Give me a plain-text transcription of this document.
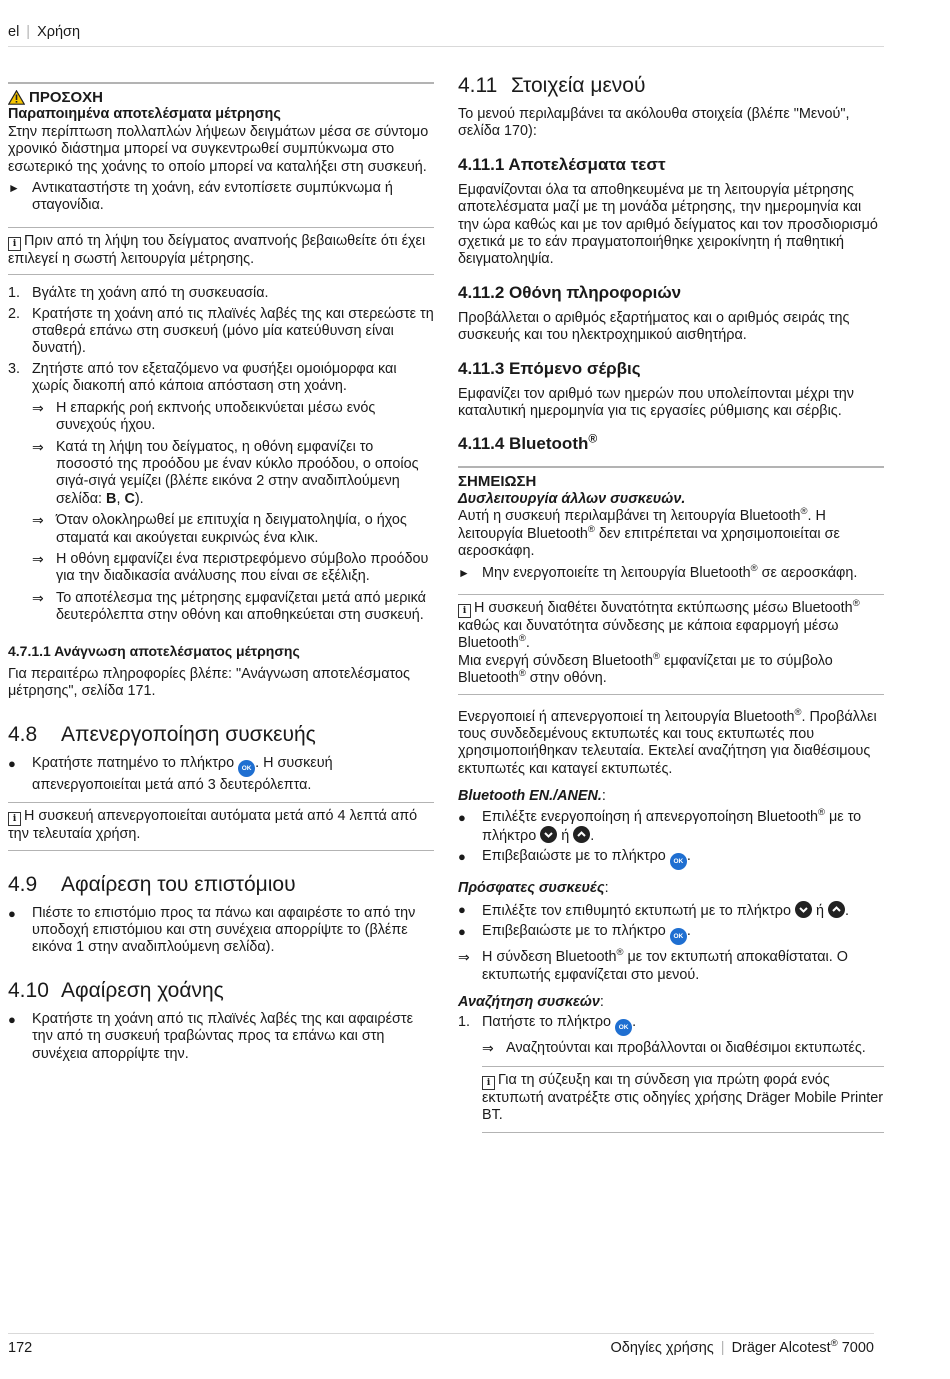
el | Χρήση
ΠΡΟΣΟΧΗ

Παραποιημένα αποτελέσματα μέτρησης

Στην περίπτωση πολλαπλών λήψεων δειγμάτων μέσα σε σύντομο χρονικό διάστημα μπορεί να συγκεντρωθεί συμπύκνωμα στο εσωτερικό της χοάνης το οποίο μπορεί να καταλήξει στη συσκευή.

► Αντικαταστήστε τη χοάνη, εάν εντοπίσετε συμπύκνωμα ή σταγονίδια.
i Πριν από τη λήψη του δείγματος αναπνοής βεβαιωθείτε ότι έχει επιλεγεί η σωστή λειτουργία μέτρησης.
1. Βγάλτε τη χοάνη από τη συσκευασία.
2. Κρατήστε τη χοάνη από τις πλαϊνές λαβές της και στερεώστε τη σταθερά επάνω στη συσκευή (μόνο μία κατεύθυνση είναι δυνατή).
3. Ζητήστε από τον εξεταζόμενο να φυσήξει ομοιόμορφα και χωρίς διακοπή από κάποια απόσταση στη χοάνη.
⇒ Η επαρκής ροή εκπνοής υποδεικνύεται μέσω ενός συνεχούς ήχου.
⇒ Κατά τη λήψη του δείγματος, η οθόνη εμφανίζει το ποσοστό της προόδου με έναν κύκλο προόδου, ο οποίος σιγά-σιγά γεμίζει (βλέπε εικόνα 2 στην αναδιπλούμενη σελίδα: B, C).
⇒ Όταν ολοκληρωθεί με επιτυχία η δειγματοληψία, ο ήχος σταματά και ακούγεται ευκρινώς ένα κλικ.
⇒ Η οθόνη εμφανίζει ένα περιστρεφόμενο σύμβολο προόδου για την διαδικασία ανάλυσης που είναι σε εξέλιξη.
⇒ Το αποτέλεσμα της μέτρησης εμφανίζεται μετά από μερικά δευτερόλεπτα στην οθόνη και αποθηκεύεται στη συσκευή.
4.7.1.1 Ανάγνωση αποτελέσματος μέτρησης

Για περαιτέρω πληροφορίες βλέπε: "Ανάγνωση αποτελέσματος μέτρησης", σελίδα 171.

4.8	Απενεργοποίηση συσκευής
●	Κρατήστε πατημένο το πλήκτρο OK . Η συσκευή απενεργοποιείται μετά από 3 δευτερόλεπτα.
i Η συσκευή απενεργοποιείται αυτόματα μετά από 4 λεπτά από την τελευταία χρήση.
4.9	Αφαίρεση του επιστόμιου
●	Πιέστε το επιστόμιο προς τα πάνω και αφαιρέστε το από την υποδοχή επιστόμιου και στη συνέχεια απορρίψτε το (βλέπε εικόνα 1 στην αναδιπλούμενη σελίδα).
4.10 Αφαίρεση χοάνης
●	Κρατήστε τη χοάνη από τις πλαϊνές λαβές της και αφαιρέστε την από τη συσκευή τραβώντας προς τα επάνω και στη συνέχεια απορρίψτε την.
4.11 Στοιχεία μενού

Το μενού περιλαμβάνει τα ακόλουθα στοιχεία (βλέπε "Μενού", σελίδα 170):

4.11.1 Αποτελέσματα τεστ

Εμφανίζονται όλα τα αποθηκευμένα με τη λειτουργία μέτρησης αποτελέσματα μαζί με τη μονάδα μέτρησης, την ημερομηνία και την ώρα καθώς και με τον αριθμό δείγματος και τον προσδιορισμό σχετικά με το εάν πραγματοποιήθηκε χειροκίνητη ή παθητική δειγματοληψία.

4.11.2 Οθόνη πληροφοριών

Προβάλλεται ο αριθμός εξαρτήματος και ο αριθμός σειράς της συσκευής και του ηλεκτροχημικού αισθητήρα.

4.11.3 Επόμενο σέρβις

Εμφανίζει τον αριθμό των ημερών που υπολείπονται μέχρι την καταλυτική ημερομηνία για τις εργασίες ρύθμισης και σέρβις.

4.11.4 Bluetooth®

ΣΗΜΕΙΩΣΗ

Δυσλειτουργία άλλων συσκευών.

Αυτή η συσκευή περιλαμβάνει τη λειτουργία Bluetooth®. Η λειτουργία Bluetooth® δεν επιτρέπεται να χρησιμοποιείται σε αεροσκάφη.

► Μην ενεργοποιείτε τη λειτουργία Bluetooth® σε αεροσκάφη.
i Η συσκευή διαθέτει δυνατότητα εκτύπωσης μέσω Bluetooth® καθώς και δυνατότητα σύνδεσης με κάποια εφαρμογή μέσω Bluetooth®.
Μια ενεργή σύνδεση Bluetooth® εμφανίζεται με το σύμβολο Bluetooth® στην οθόνη.

Ενεργοποιεί ή απενεργοποιεί τη λειτουργία Bluetooth®. Προβάλλει τους συνδεδεμένους εκτυπωτές και τους εκτυπωτές που χρησιμοποιήθηκαν τελευταία. Εκτελεί αναζήτηση για διαθέσιμους εκτυπωτές και καταγεί εκτυπωτές.

Bluetooth ΕΝ./ΑΝΕΝ.:

●	Επιλέξτε ενεργοποίηση ή απενεργοποίηση Bluetooth® με το πλήκτρο
ή
.
●	Επιβεβαιώστε με το πλήκτρο OK .

Πρόσφατες συσκευές:

●	Επιλέξτε τον επιθυμητό εκτυπωτή με το πλήκτρο
ή
.
●	Επιβεβαιώστε με το πλήκτρο OK .
⇒ Η σύνδεση Bluetooth® με τον εκτυπωτή αποκαθίσταται. Ο εκτυπωτής εμφανίζεται στο μενού.

Αναζήτηση συσκεών:

1. Πατήστε το πλήκτρο OK .
⇒ Αναζητούνται και προβάλλονται οι διαθέσιμοι εκτυπωτές.
i Για τη σύζευξη και τη σύνδεση για πρώτη φορά ενός εκτυπωτή ανατρέξτε στις οδηγίες χρήσης Dräger Mobile Printer BT.
172	Οδηγίες χρήσης | Dräger Alcotest® 7000
